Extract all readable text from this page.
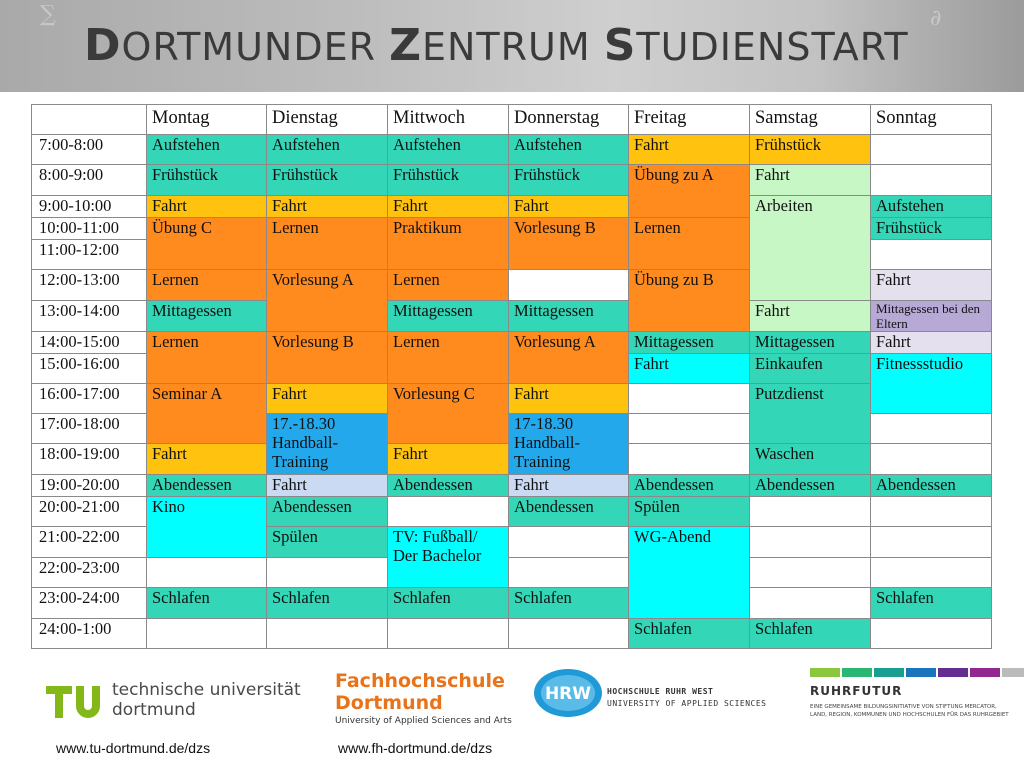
∑	∂
DORTMUNDER ZENTRUM STUDIENSTART
	Montag	Dienstag	Mittwoch	Donnerstag	Freitag	Samstag	Sonntag
7:00-8:00	Aufstehen	Aufstehen	Aufstehen	Aufstehen	Fahrt	Frühstück	
8:00-9:00	Frühstück	Frühstück	Frühstück	Frühstück	Übung zu A	Fahrt	
9:00-10:00	Fahrt	Fahrt	Fahrt	Fahrt		Arbeiten	Aufstehen
10:00-11:00	Übung C	Lernen	Praktikum	Vorlesung B	Lernen		Frühstück
11:00-12:00							
12:00-13:00	Lernen	Vorlesung A	Lernen		Übung zu B		Fahrt
13:00-14:00	Mittagessen		Mittagessen	Mittagessen		Fahrt	Mittagessen bei den Eltern
14:00-15:00	Lernen	Vorlesung B	Lernen	Vorlesung A	Mittagessen	Mittagessen	Fahrt
15:00-16:00					Fahrt	Einkaufen	Fitnessstudio
16:00-17:00	Seminar A	Fahrt	Vorlesung C	Fahrt		Putzdienst	
17:00-18:00		17.-18.30 Handball-Training		17-18.30 Handball-Training			
18:00-19:00	Fahrt		Fahrt			Waschen	
19:00-20:00	Abendessen	Fahrt	Abendessen	Fahrt	Abendessen	Abendessen	Abendessen
20:00-21:00	Kino	Abendessen		Abendessen	Spülen		
21:00-22:00		Spülen	TV: Fußball/ Der Bachelor		WG-Abend		
22:00-23:00							
23:00-24:00	Schlafen	Schlafen	Schlafen	Schlafen			Schlafen
24:00-1:00					Schlafen	Schlafen	
technische universität
dortmund
Fachhochschule
Dortmund
University of Applied Sciences and Arts
HRW HOCHSCHULE RUHR WEST
UNIVERSITY OF APPLIED SCIENCES
RUHRFUTUR
EINE GEMEINSAME BILDUNGSINITIATIVE VON STIFTUNG MERCATOR, LAND, REGION, KOMMUNEN UND HOCHSCHULEN FÜR DAS RUHRGEBIET
www.tu-dortmund.de/dzs	www.fh-dortmund.de/dzs
